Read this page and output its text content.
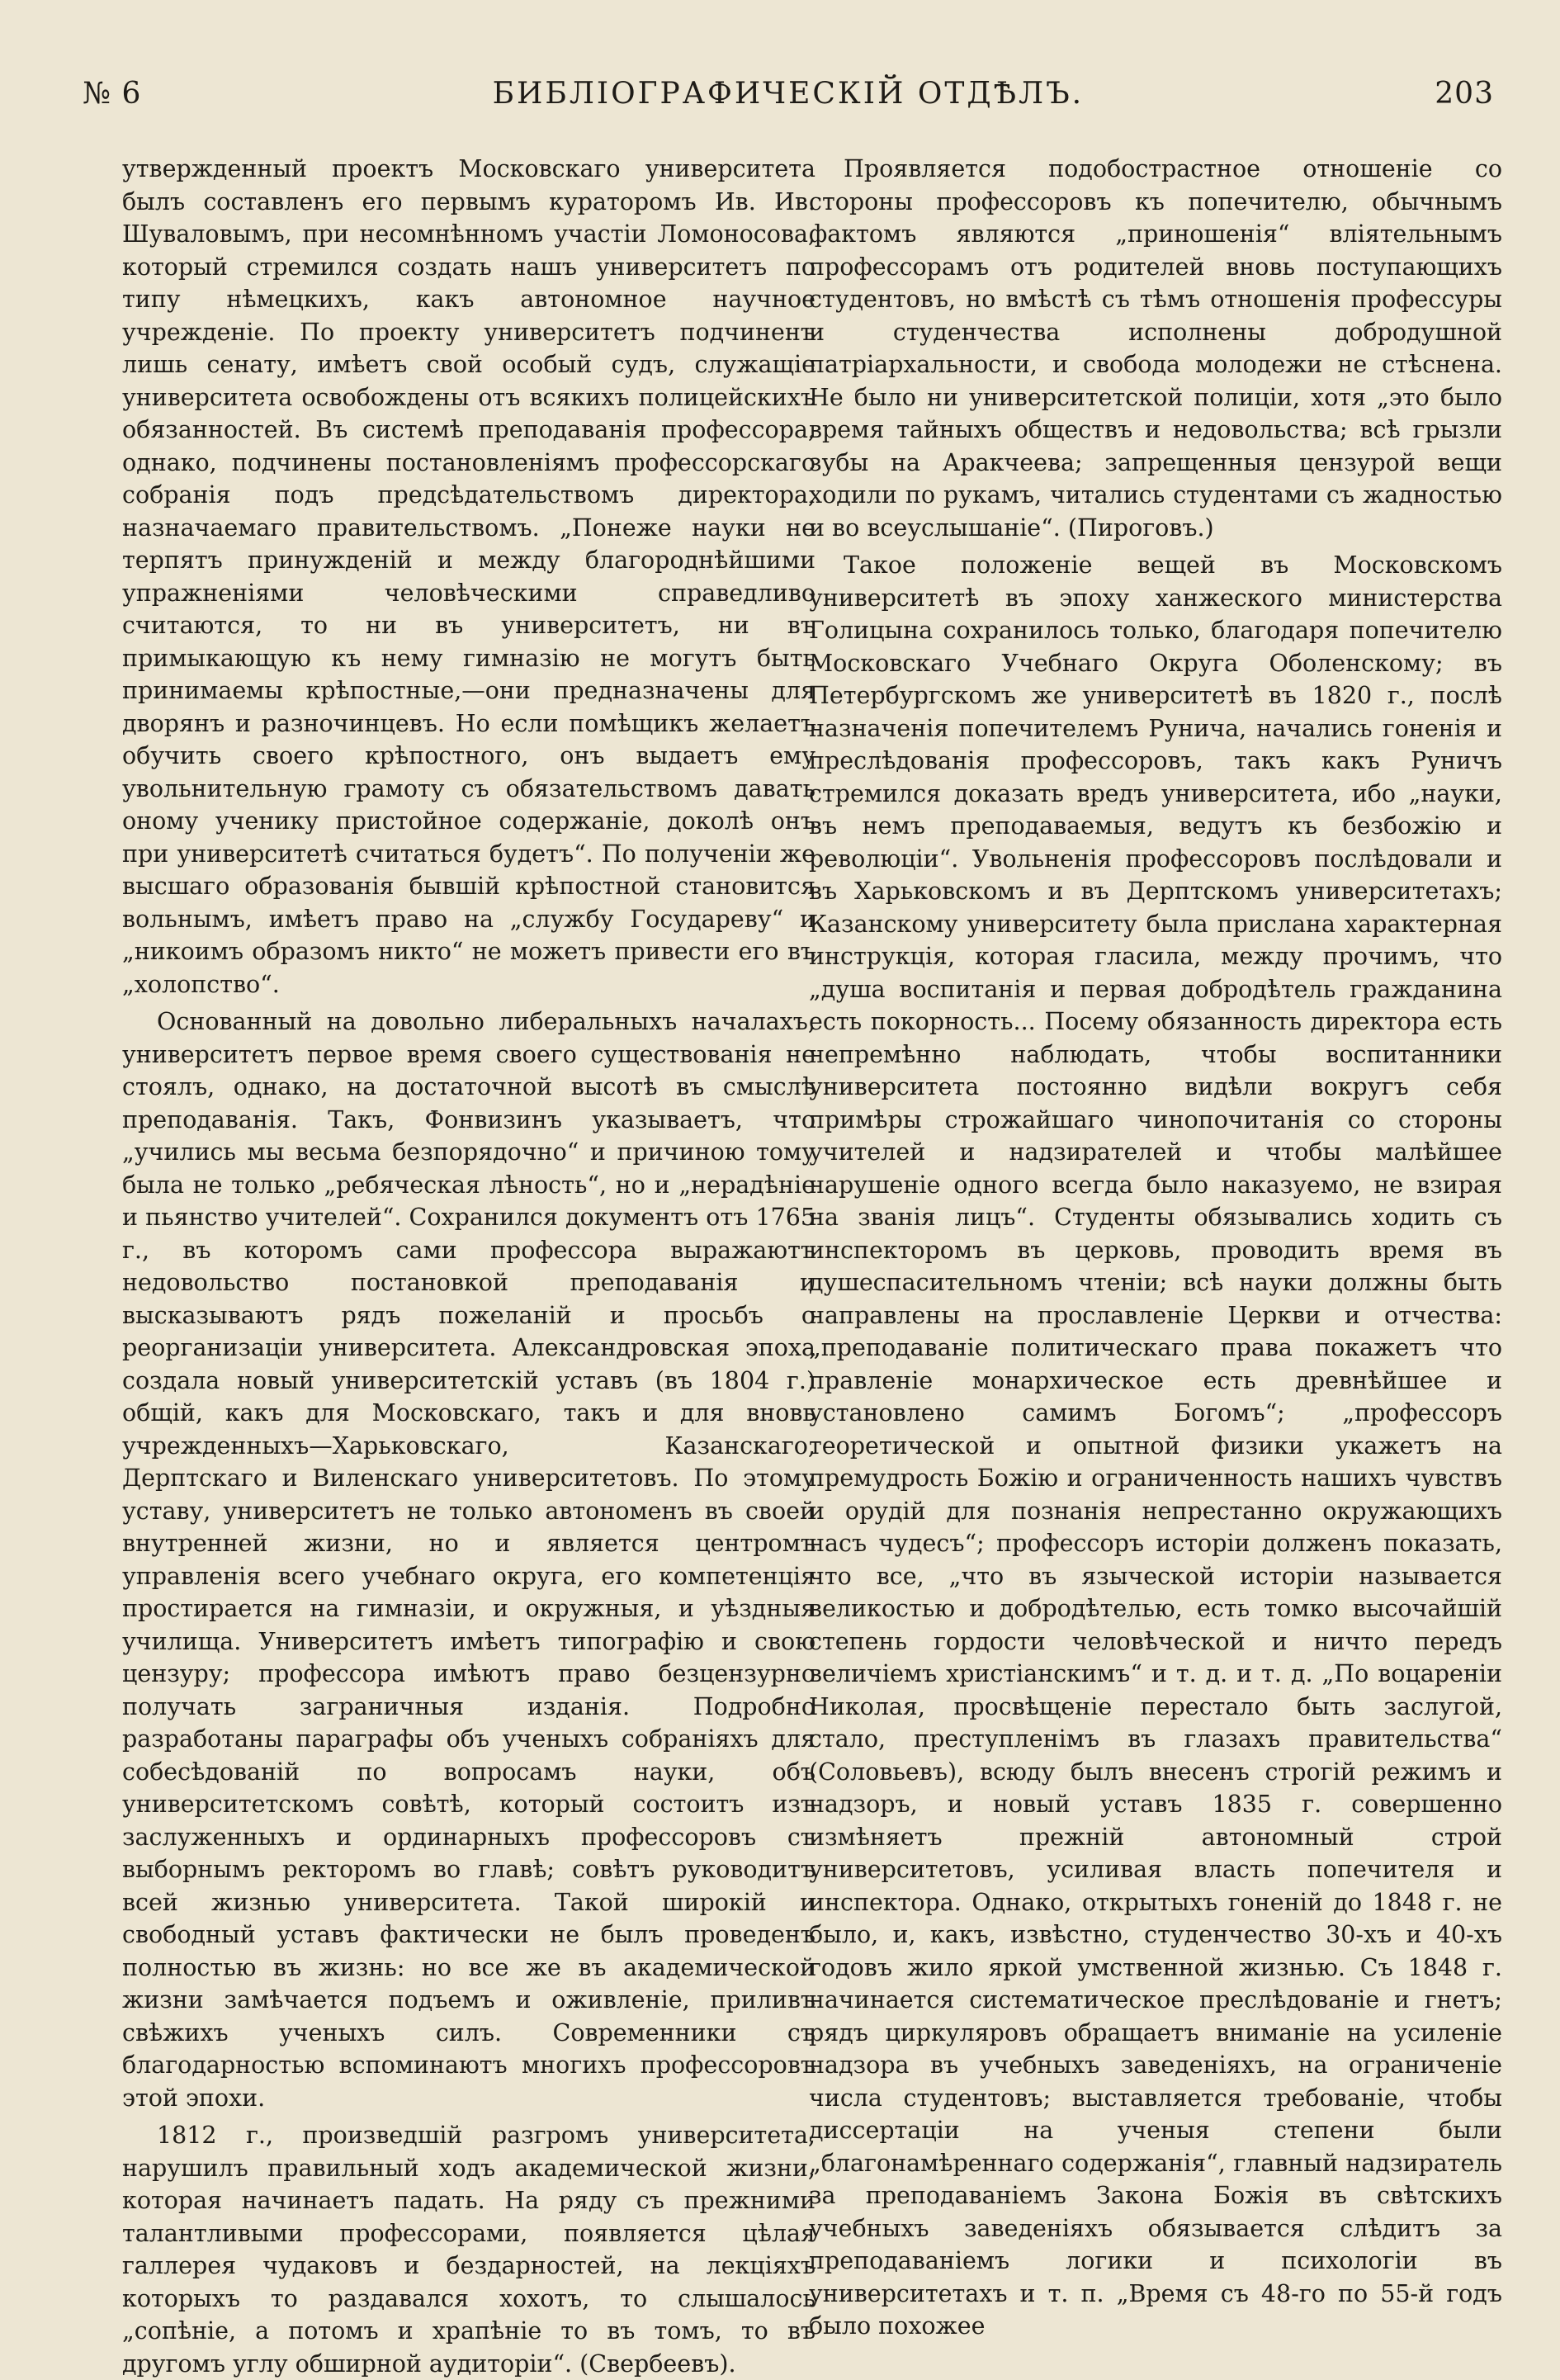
№ 6	БИБЛIОГРАФИЧЕСКIЙ ОТДѢЛЪ.	203

утвержденный проектъ Московскаго университета былъ составленъ его первымъ кураторомъ Ив. Ив. Шуваловымъ, при несомнѣнномъ участiи Ломоносова, который стремился создать нашъ университетъ по типу нѣмецкихъ, какъ автономное научное учрежденiе. По проекту университетъ подчиненъ лишь сенату, имѣетъ свой особый судъ, служащiе университета освобождены отъ всякихъ полицейскихъ обязанностей. Въ системѣ преподаванiя профессора, однако, подчинены постановленiямъ профессорскаго собранiя подъ предсѣдательствомъ директора, назначаемаго правительствомъ. „Понеже науки не терпятъ принужденiй и между благороднѣйшими упражненiями человѣческими справедливо считаются, то ни въ университетъ, ни въ примыкающую къ нему гимназiю не могутъ быть принимаемы крѣпостные,—они предназначены для дворянъ и разночинцевъ. Но если помѣщикъ желаетъ обучить своего крѣпостного, онъ выдаетъ ему увольнительную грамоту съ обязательствомъ давать оному ученику пристойное содержанiе, доколѣ онъ при университетѣ считаться будетъ“. По полученiи же высшаго образованiя бывшiй крѣпостной становится вольнымъ, имѣетъ право на „службу Государеву“ и „никоимъ образомъ никто“ не можетъ привести его въ „холопство“.

Основанный на довольно либеральныхъ началахъ, университетъ первое время своего существованiя не стоялъ, однако, на достаточной высотѣ въ смыслѣ преподаванiя. Такъ, Фонвизинъ указываетъ, что „учились мы весьма безпорядочно“ и причиною тому была не только „ребяческая лѣность“, но и „нерадѣнiе и пьянство учителей“. Сохранился документъ отъ 1765 г., въ которомъ сами профессора выражаютъ недовольство постановкой преподаванiя и высказываютъ рядъ пожеланiй и просьбъ о реорганизацiи университета. Александровская эпоха создала новый университетскiй уставъ (въ 1804 г.) общiй, какъ для Московскаго, такъ и для вновь учрежденныхъ—Харьковскаго, Казанскаго, Дерптскаго и Виленскаго университетовъ. По этому уставу, университетъ не только автономенъ въ своей внутренней жизни, но и является центромъ управленiя всего учебнаго округа, его компетенцiя простирается на гимназiи, и окружныя, и уѣздныя училища. Университетъ имѣетъ типографiю и свою цензуру; профессора имѣютъ право безцензурно получать заграничныя изданiя. Подробно разработаны параграфы объ ученыхъ собранiяхъ для собесѣдованiй по вопросамъ науки, объ университетскомъ совѣтѣ, который состоитъ изъ заслуженныхъ и ординарныхъ профессоровъ съ выборнымъ ректоромъ во главѣ; совѣтъ руководитъ всей жизнью университета. Такой широкiй и свободный уставъ фактически не былъ проведенъ полностью въ жизнь: но все же въ академической жизни замѣчается подъемъ и оживленiе, приливъ свѣжихъ ученыхъ силъ. Современники съ благодарностью вспоминаютъ многихъ профессоровъ этой эпохи.

1812 г., произведшiй разгромъ университета, нарушилъ правильный ходъ академической жизни, которая начинаетъ падать. На ряду съ прежними талантливыми профессорами, появляется цѣлая галлерея чудаковъ и бездарностей, на лекцiяхъ которыхъ то раздавался хохотъ, то слышалось „сопѣнiе, а потомъ и храпѣнiе то въ томъ, то въ другомъ углу обширной аудиторiи“. (Свербеевъ).

Проявляется подобострастное отношенiе со стороны профессоровъ къ попечителю, обычнымъ фактомъ являются „приношенiя“ влiятельнымъ профессорамъ отъ родителей вновь поступающихъ студентовъ, но вмѣстѣ съ тѣмъ отношенiя профессуры и студенчества исполнены добродушной патрiархальности, и свобода молодежи не стѣснена. Не было ни университетской полицiи, хотя „это было время тайныхъ обществъ и недовольства; всѣ грызли зубы на Аракчеева; запрещенныя цензурой вещи ходили по рукамъ, читались студентами съ жадностью и во всеуслышанiе“. (Пироговъ.)

Такое положенiе вещей въ Московскомъ университетѣ въ эпоху ханжеского министерства Голицына сохранилось только, благодаря попечителю Московскаго Учебнаго Округа Оболенскому; въ Петербургскомъ же университетѣ въ 1820 г., послѣ назначенiя попечителемъ Рунича, начались гоненiя и преслѣдованiя профессоровъ, такъ какъ Руничъ стремился доказать вредъ университета, ибо „науки, въ немъ преподаваемыя, ведутъ къ безбожiю и революцiи“. Увольненiя профессоровъ послѣдовали и въ Харьковскомъ и въ Дерптскомъ университетахъ; Казанскому университету была прислана характерная инструкцiя, которая гласила, между прочимъ, что „душа воспитанiя и первая добродѣтель гражданина есть покорность... Посему обязанность директора есть непремѣнно наблюдать, чтобы воспитанники университета постоянно видѣли вокругъ себя примѣры строжайшаго чинопочитанiя со стороны учителей и надзирателей и чтобы малѣйшее нарушенiе одного всегда было наказуемо, не взирая на званiя лицъ“. Студенты обязывались ходить съ инспекторомъ въ церковь, проводить время въ душеспасительномъ чтенiи; всѣ науки должны быть направлены на прославленiе Церкви и отчества: „преподаванiе политическаго права покажетъ что правленiе монархическое есть древнѣйшее и установлено самимъ Богомъ“; „профессоръ теоретической и опытной физики укажетъ на премудрость Божiю и ограниченность нашихъ чувствъ и орудiй для познанiя непрестанно окружающихъ насъ чудесъ“; профессоръ исторiи долженъ показать, что все, „что въ языческой исторiи называется великостью и добродѣтелью, есть томко высочайшiй степень гордости человѣческой и ничто передъ величiемъ христiанскимъ“ и т. д. и т. д. „По воцаренiи Николая, просвѣщенiе перестало быть заслугой, стало, преступленiмъ въ глазахъ правительства“ (Соловьевъ), всюду былъ внесенъ строгiй режимъ и надзоръ, и новый уставъ 1835 г. совершенно измѣняетъ прежнiй автономный строй университетовъ, усиливая власть попечителя и инспектора. Однако, открытыхъ гоненiй до 1848 г. не было, и, какъ, извѣстно, студенчество 30-хъ и 40-хъ годовъ жило яркой умственной жизнью. Съ 1848 г. начинается систематическое преслѣдованiе и гнетъ; рядъ циркуляровъ обращаетъ вниманiе на усиленiе надзора въ учебныхъ заведенiяхъ, на ограниченiе числа студентовъ; выставляется требованiе, чтобы диссертацiи на ученыя степени были „благонамѣреннаго содержанiя“, главный надзиратель за преподаванiемъ Закона Божiя въ свѣтскихъ учебныхъ заведенiяхъ обязывается слѣдитъ за преподаванiемъ логики и психологiи въ университетахъ и т. п. „Время съ 48-го по 55-й годъ было похожее
